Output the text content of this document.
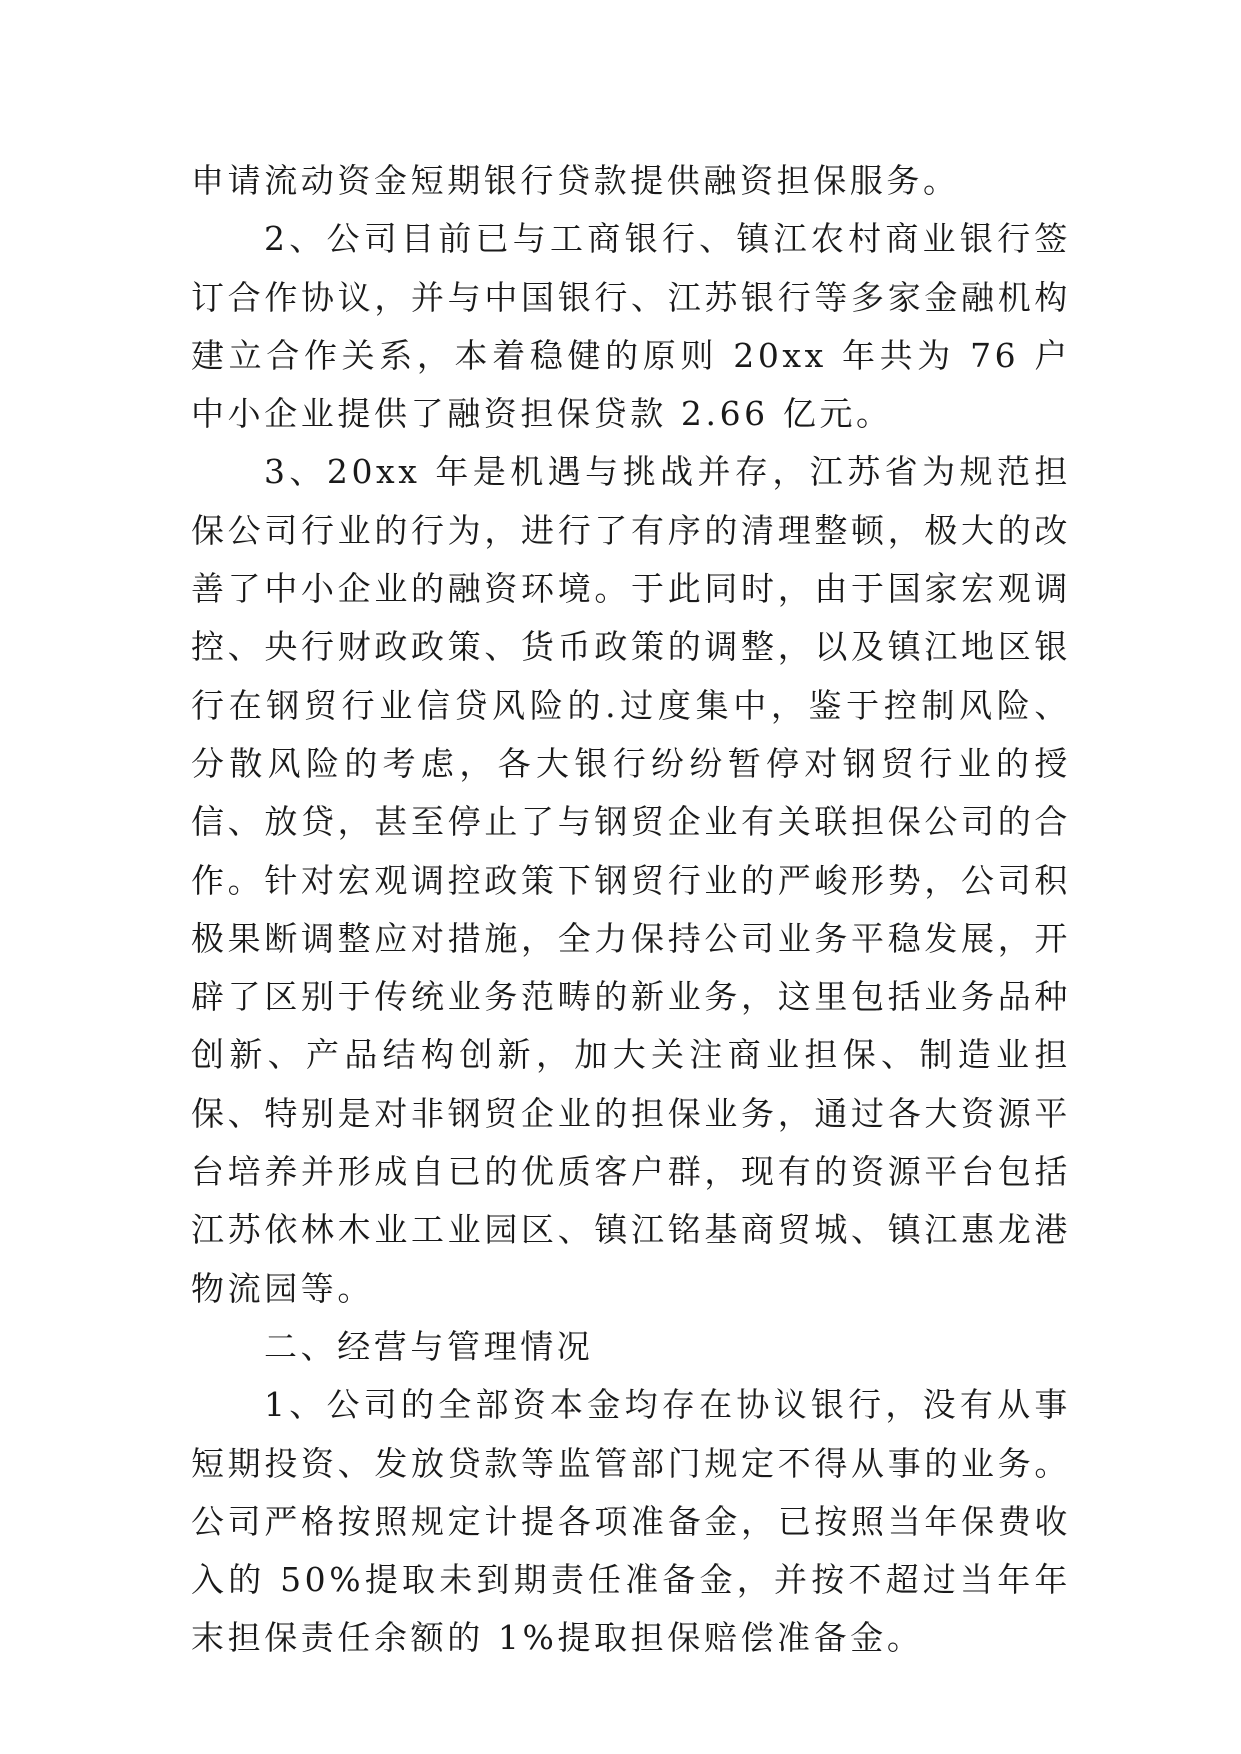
申请流动资金短期银行贷款提供融资担保服务。

2、公司目前已与工商银行、镇江农村商业银行签订合作协议，并与中国银行、江苏银行等多家金融机构建立合作关系，本着稳健的原则 20xx 年共为 76 户中小企业提供了融资担保贷款 2.66 亿元。

3、20xx 年是机遇与挑战并存，江苏省为规范担保公司行业的行为，进行了有序的清理整顿，极大的改善了中小企业的融资环境。于此同时，由于国家宏观调控、央行财政政策、货币政策的调整，以及镇江地区银行在钢贸行业信贷风险的.过度集中，鉴于控制风险、分散风险的考虑，各大银行纷纷暂停对钢贸行业的授信、放贷，甚至停止了与钢贸企业有关联担保公司的合作。针对宏观调控政策下钢贸行业的严峻形势，公司积极果断调整应对措施，全力保持公司业务平稳发展，开辟了区别于传统业务范畴的新业务，这里包括业务品种创新、产品结构创新，加大关注商业担保、制造业担保、特别是对非钢贸企业的担保业务，通过各大资源平台培养并形成自已的优质客户群，现有的资源平台包括江苏依林木业工业园区、镇江铭基商贸城、镇江惠龙港物流园等。

二、经营与管理情况

1、公司的全部资本金均存在协议银行，没有从事短期投资、发放贷款等监管部门规定不得从事的业务。公司严格按照规定计提各项准备金，已按照当年保费收入的 50%提取未到期责任准备金，并按不超过当年年末担保责任余额的 1%提取担保赔偿准备金。
